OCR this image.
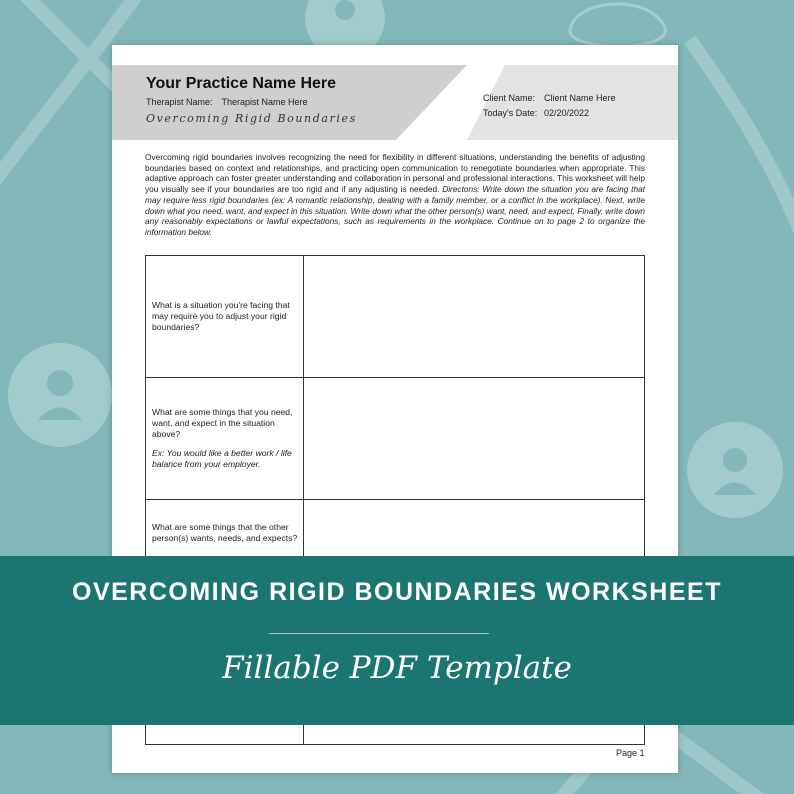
Your Practice Name Here
Therapist Name: Therapist Name Here
Overcoming Rigid Boundaries
Client Name: Client Name Here
Today's Date: 02/20/2022

Overcoming rigid boundaries involves recognizing the need for flexibility in different situations, understanding the benefits of adjusting boundaries based on context and relationships, and practicing open communication to renegotiate boundaries when appropriate. This adaptive approach can foster greater understanding and collaboration in personal and professional interactions. This worksheet will help you visually see if your boundaries are too rigid and if any adjusting is needed. Directons: Write down the situation you are facing that may require less rigid boundaries (ex: A romantic relationship, dealing with a family member, or a conflict in the workplace). Next, write down what you need, want, and expect in this situation. Write down what the other person(s) want, need, and expect, Finally, write down any reasonably expectations or lawful expectations, such as requirements in the workplace. Continue on to page 2 to organize the information below.

What is a situation you're facing that may require you to adjust your rigid boundaries?	

What are some things that you need, want, and expect in the situation above?
Ex: You would like a better work / life balance from your employer.	

What are some things that the other person(s) wants, needs, and expects?	

Page 1
OVERCOMING RIGID BOUNDARIES WORKSHEET
Fillable PDF Template
